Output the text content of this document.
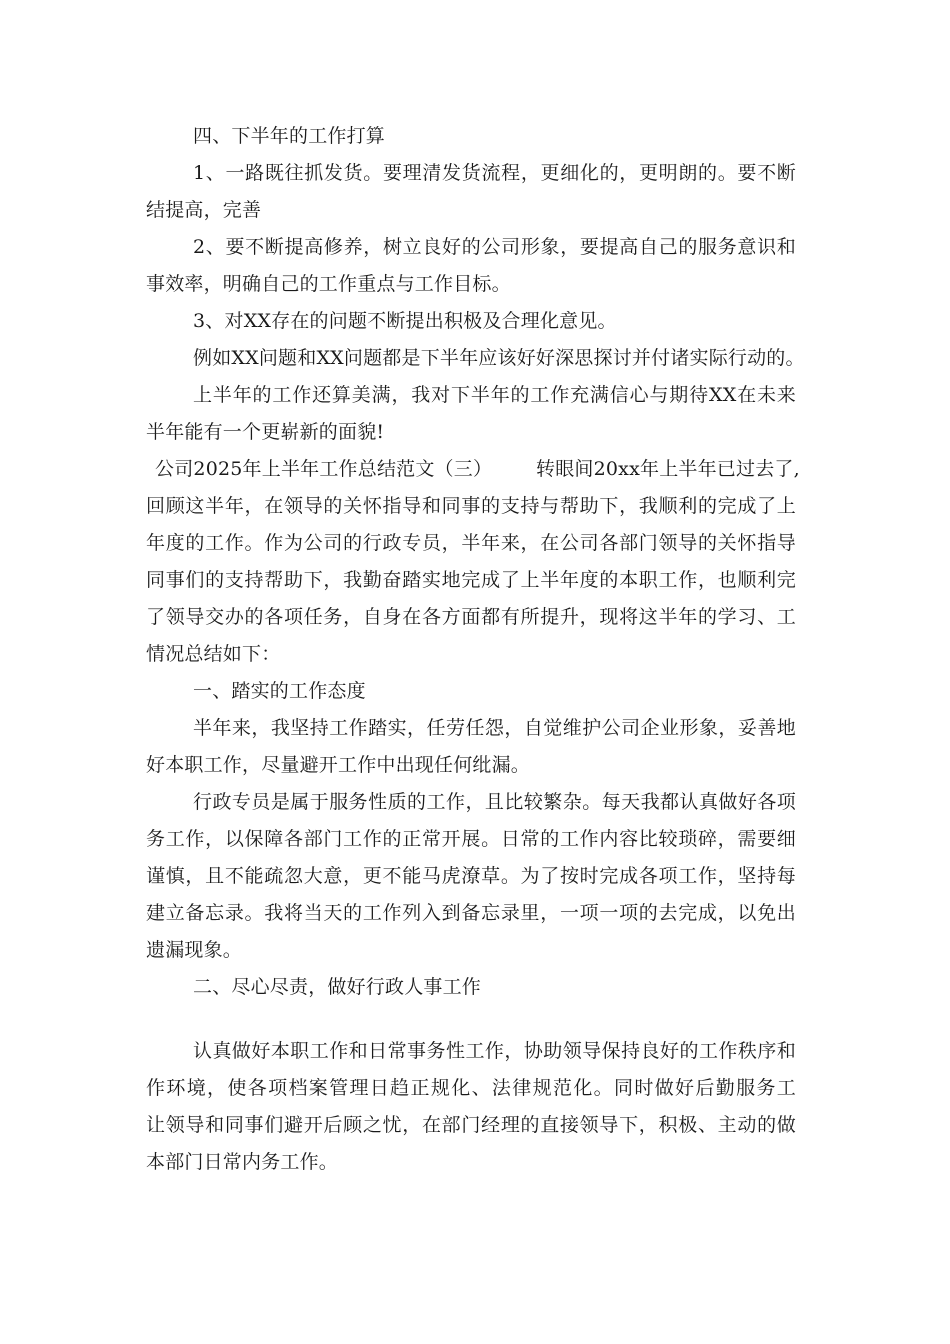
四、下半年的工作打算

1、一路既往抓发货。要理清发货流程，更细化的，更明朗的。要不断

结提高，完善

2、要不断提高修养，树立良好的公司形象，要提高自己的服务意识和

事效率，明确自己的工作重点与工作目标。

3、对XX存在的问题不断提出积极及合理化意见。

例如XX问题和XX问题都是下半年应该好好深思探讨并付诸实际行动的。

上半年的工作还算美满，我对下半年的工作充满信心与期待XX在未来

半年能有一个更崭新的面貌!

公司2025年上半年工作总结范文（三） 转眼间20xx年上半年已过去了,

回顾这半年，在领导的关怀指导和同事的支持与帮助下，我顺利的完成了上

年度的工作。作为公司的行政专员，半年来，在公司各部门领导的关怀指导

同事们的支持帮助下，我勤奋踏实地完成了上半年度的本职工作，也顺利完

了领导交办的各项任务，自身在各方面都有所提升，现将这半年的学习、工

情况总结如下：

一、踏实的工作态度

半年来，我坚持工作踏实，任劳任怨，自觉维护公司企业形象，妥善地

好本职工作，尽量避开工作中出现任何纰漏。

行政专员是属于服务性质的工作，且比较繁杂。每天我都认真做好各项

务工作，以保障各部门工作的正常开展。日常的工作内容比较琐碎，需要细

谨慎，且不能疏忽大意，更不能马虎潦草。为了按时完成各项工作，坚持每

建立备忘录。我将当天的工作列入到备忘录里，一项一项的去完成，以免出

遗漏现象。

二、尽心尽责，做好行政人事工作

认真做好本职工作和日常事务性工作，协助领导保持良好的工作秩序和

作环境，使各项档案管理日趋正规化、法律规范化。同时做好后勤服务工

让领导和同事们避开后顾之忧，在部门经理的直接领导下，积极、主动的做

本部门日常内务工作。
